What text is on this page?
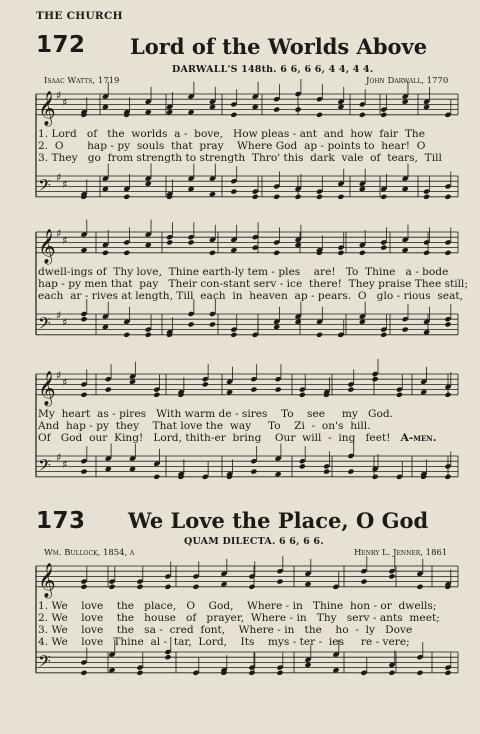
THE CHURCH
172 Lord of the Worlds Above
DARWALL'S 148th. 6 6, 6 6, 4 4, 4 4.
Isaac Watts, 1719	John Darwall, 1770
𝄞 ♯
♯
𝄢 ♯
♯
𝄞 ♯
♯
𝄢 ♯
♯
𝄞 ♯
♯
𝄢 ♯
♯
𝄞
𝄢
1. Lord   of   the  worlds  a -  bove,   How pleas - ant  and  how  fair  The
2.  O       hap - py  souls  that  pray    Where God  ap - points to  hear!  O
3. They   go  from strength to strength  Thro' this  dark  vale  of  tears,  Till
dwell-ings of  Thy love,  Thine earth-ly tem - ples    are!   To  Thine   a - bode
hap - py men that  pay   Their con-stant serv - ice  there!  They praise Thee still;
each  ar - rives at length, Till  each  in  heaven  ap - pears.  O   glo - rious  seat,
My  heart  as - pires   With warm de - sires    To    see     my   God.
And  hap - py  they    That love the  way     To    Zi  -  on's  hill.
Of   God  our  King!   Lord, thith-er  bring    Our  will  -  ing   feet! A-men.
173 We Love the Place, O God
QUAM DILECTA. 6 6, 6 6.
Wm. Bullock, 1854, a	Henry L. Jenner, 1861
1. We    love    the   place,   O    God,    Where - in   Thine  hon - or  dwells;
2. We    love    the   house   of   prayer,  Where - in   Thy   serv - ants  meet;
3. We    love    the   sa -  cred  font,    Where - in   the    ho  -  ly   Dove
4. We    love   Thine  al -  tar,  Lord,    Its    mys - ter -  ies     re - vere;
